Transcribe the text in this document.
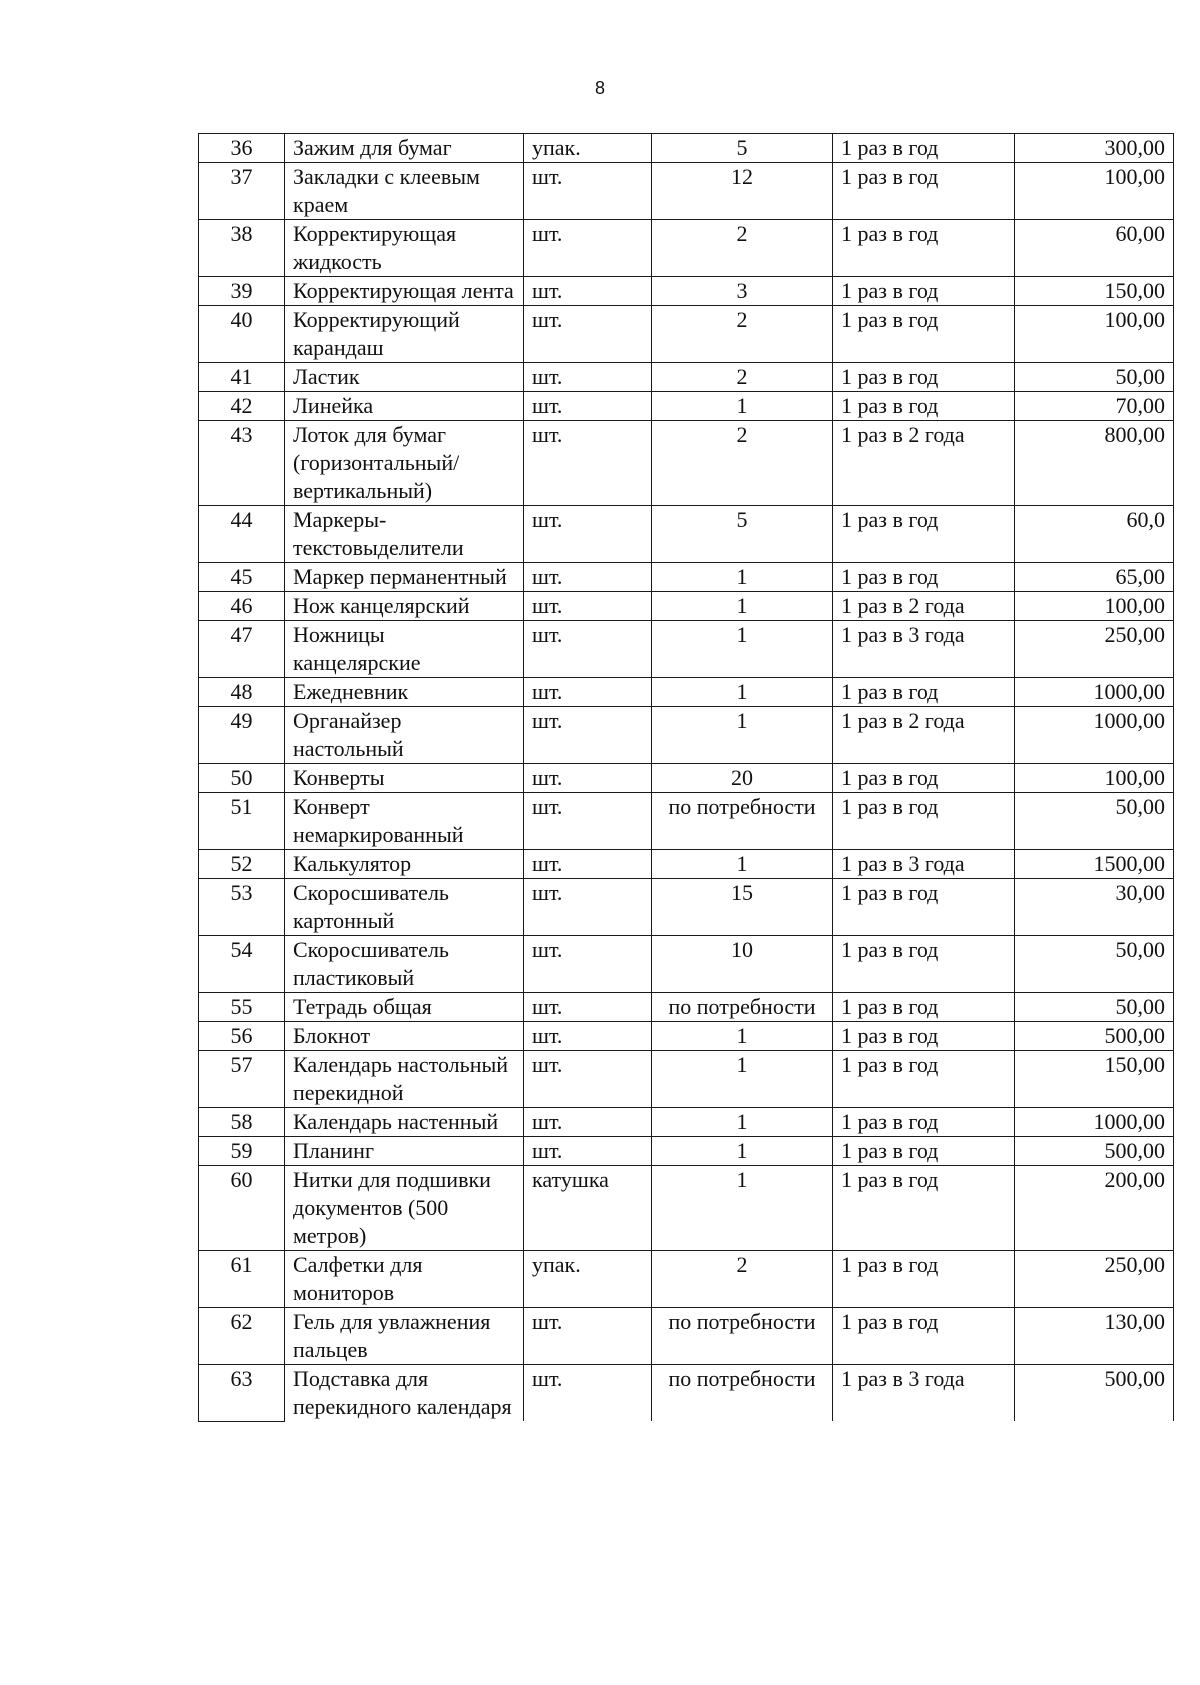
8
36	Зажим для бумаг	упак.	5	1 раз в год	300,00
37	Закладки с клеевым краем	шт.	12	1 раз в год	100,00
38	Корректирующая жидкость	шт.	2	1 раз в год	60,00
39	Корректирующая лента	шт.	3	1 раз в год	150,00
40	Корректирующий карандаш	шт.	2	1 раз в год	100,00
41	Ластик	шт.	2	1 раз в год	50,00
42	Линейка	шт.	1	1 раз в год	70,00
43	Лоток для бумаг (горизонтальный/вертикальный)	шт.	2	1 раз в 2 года	800,00
44	Маркеры-текстовыделители	шт.	5	1 раз в год	60,0
45	Маркер перманентный	шт.	1	1 раз в год	65,00
46	Нож канцелярский	шт.	1	1 раз в 2 года	100,00
47	Ножницы канцелярские	шт.	1	1 раз в 3 года	250,00
48	Ежедневник	шт.	1	1 раз в год	1000,00
49	Органайзер настольный	шт.	1	1 раз в 2 года	1000,00
50	Конверты	шт.	20	1 раз в год	100,00
51	Конверт немаркированный	шт.	по потребности	1 раз в год	50,00
52	Калькулятор	шт.	1	1 раз в 3 года	1500,00
53	Скоросшиватель картонный	шт.	15	1 раз в год	30,00
54	Скоросшиватель пластиковый	шт.	10	1 раз в год	50,00
55	Тетрадь общая	шт.	по потребности	1 раз в год	50,00
56	Блокнот	шт.	1	1 раз в год	500,00
57	Календарь настольный перекидной	шт.	1	1 раз в год	150,00
58	Календарь настенный	шт.	1	1 раз в год	1000,00
59	Планинг	шт.	1	1 раз в год	500,00
60	Нитки для подшивки документов (500 метров)	катушка	1	1 раз в год	200,00
61	Салфетки для мониторов	упак.	2	1 раз в год	250,00
62	Гель для увлажнения пальцев	шт.	по потребности	1 раз в год	130,00
63	Подставка для перекидного календаря	шт.	по потребности	1 раз в 3 года	500,00
